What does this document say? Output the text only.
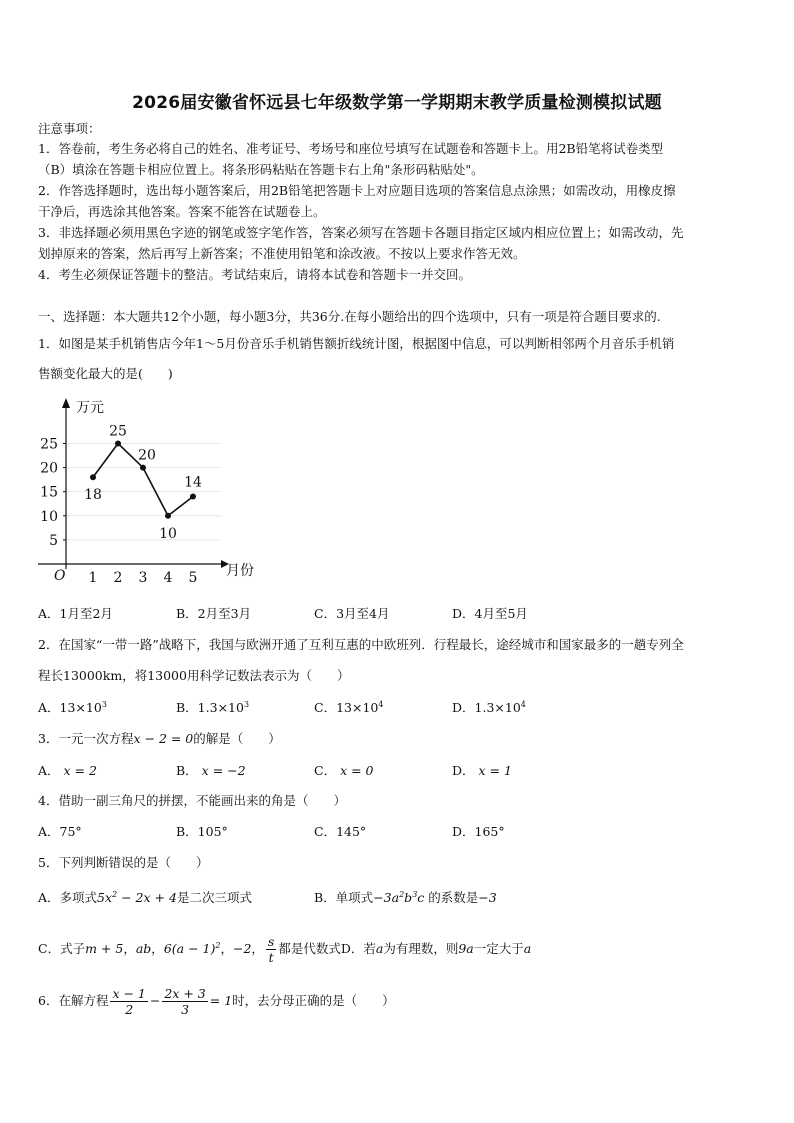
2026届安徽省怀远县七年级数学第一学期期末教学质量检测模拟试题
注意事项：
1．答卷前，考生务必将自己的姓名、准考证号、考场号和座位号填写在试题卷和答题卡上。用2B铅笔将试卷类型
（B）填涂在答题卡相应位置上。将条形码粘贴在答题卡右上角"条形码粘贴处"。
2．作答选择题时，选出每小题答案后，用2B铅笔把答题卡上对应题目选项的答案信息点涂黑；如需改动，用橡皮擦
干净后，再选涂其他答案。答案不能答在试题卷上。
3．非选择题必须用黑色字迹的钢笔或签字笔作答，答案必须写在答题卡各题目指定区域内相应位置上；如需改动，先
划掉原来的答案，然后再写上新答案；不准使用铅笔和涂改液。不按以上要求作答无效。
4．考生必须保证答题卡的整洁。考试结束后，请将本试卷和答题卡一并交回。
一、选择题：本大题共12个小题，每小题3分，共36分.在每小题给出的四个选项中，只有一项是符合题目要求的.
1．如图是某手机销售店今年1～5月份音乐手机销售额折线统计图，根据图中信息，可以判断相邻两个月音乐手机销
售额变化最大的是(　　)
5
10
15
20
25
1 2 3 4 5
18
25
20
10
14
万元
月份
O
A．1月至2月	B．2月至3月	C．3月至4月	D．4月至5月
2．在国家“一带一路”战略下，我国与欧洲开通了互利互惠的中欧班列．行程最长，途经城市和国家最多的一趟专列全
程长13000km，将13000用科学记数法表示为（　　）
A．$13\times 10^3$	B．$1.3\times 10^3$	C．$13\times 10^4$	D．$1.3\times 10^4$
3．一元一次方程x − 2 = 0的解是（　　）
A． x = 2	B． x = −2	C． x = 0	D． x = 1
4．借助一副三角尺的拼摆，不能画出来的角是（　　）
A．75°	B．105°	C．145°	D．165°
5．下列判断错误的是（　　）
A．多项式$5x^2 - 2x + 4$是二次三项式	B．单项式$-3a^2b^3c$ 的系数是−3
C．式子m + 5，ab，$6(a - 1)^2$，−2， $\frac{s}{t}$ 都是代数式D．若a为有理数，则9a一定大于a
6．在解方程 $\frac{x - 1}{2} - \frac{2x + 3}{3} = 1$时，去分母正确的是（　　）
